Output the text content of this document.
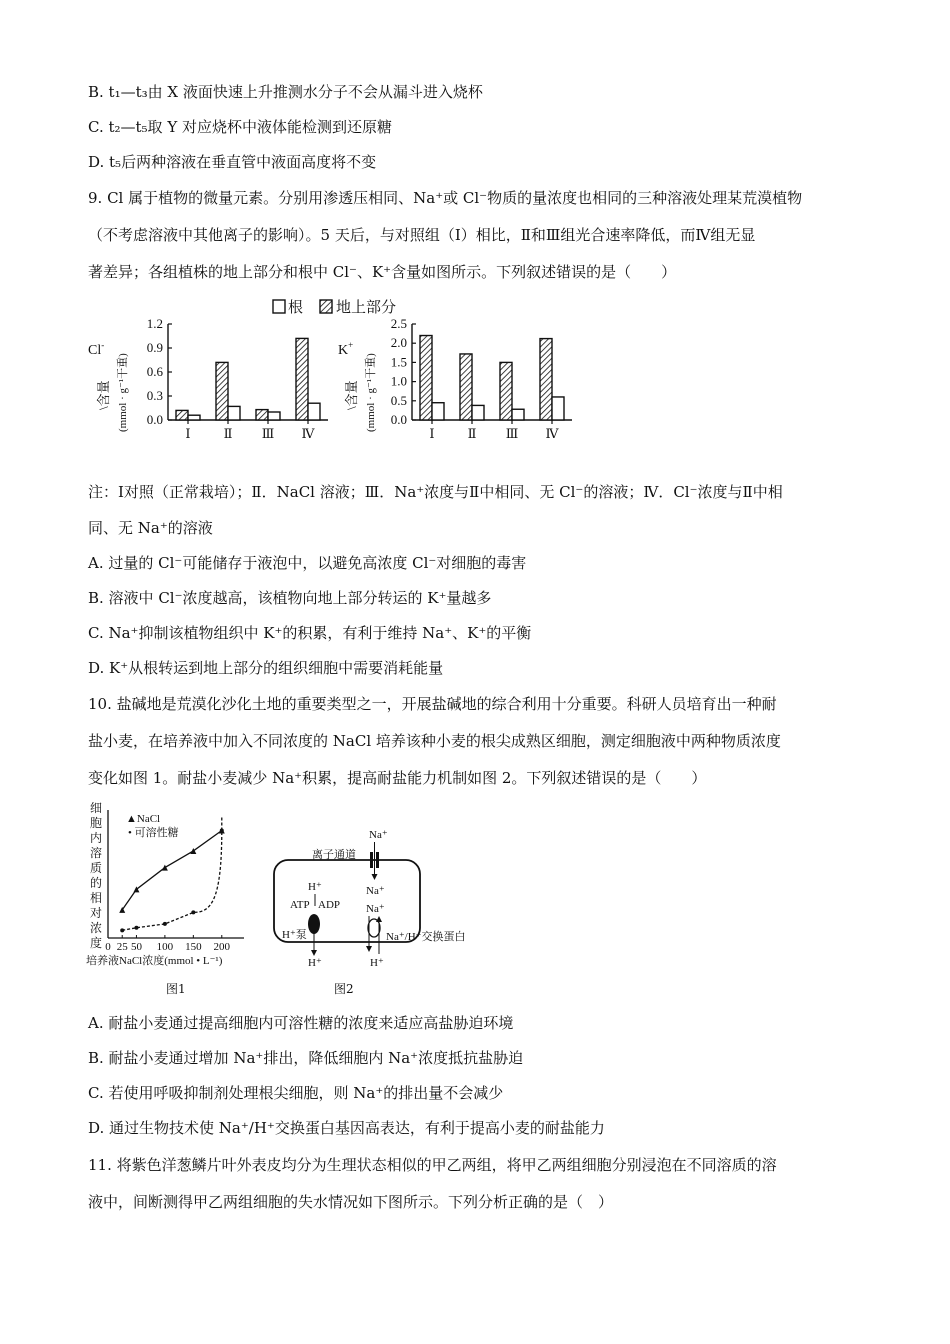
B. t₁—t₃由 X 液面快速上升推测水分子不会从漏斗进入烧杯
C. t₂—t₅取 Y 对应烧杯中液体能检测到还原糖
D. t₅后两种溶液在垂直管中液面高度将不变
9. Cl 属于植物的微量元素。分别用渗透压相同、Na⁺或 Cl⁻物质的量浓度也相同的三种溶液处理某荒漠植物
（不考虑溶液中其他离子的影响）。5 天后，与对照组（Ⅰ）相比，Ⅱ和Ⅲ组光合速率降低，而Ⅳ组无显
著差异；各组植株的地上部分和根中 Cl⁻、K⁺含量如图所示。下列叙述错误的是（　　）
根 地上部分
Cl-
\含量 (mmol · g⁻¹干重)
K+
\含量 (mmol · g⁻¹干重)
0.0
0.3
0.6
0.9
1.2
Ⅰ	Ⅱ Ⅲ Ⅳ
0.0
0.5
1.0
1.5
2.0
2.5
Ⅰ	Ⅱ Ⅲ Ⅳ
注：Ⅰ对照（正常栽培）；Ⅱ．NaCl 溶液；Ⅲ．Na⁺浓度与Ⅱ中相同、无 Cl⁻的溶液；Ⅳ．Cl⁻浓度与Ⅱ中相
同、无 Na⁺的溶液
A. 过量的 Cl⁻可能储存于液泡中，以避免高浓度 Cl⁻对细胞的毒害
B. 溶液中 Cl⁻浓度越高，该植物向地上部分转运的 K⁺量越多
C. Na⁺抑制该植物组织中 K⁺的积累，有利于维持 Na⁺、K⁺的平衡
D. K⁺从根转运到地上部分的组织细胞中需要消耗能量
10. 盐碱地是荒漠化沙化土地的重要类型之一，开展盐碱地的综合利用十分重要。科研人员培育出一种耐
盐小麦，在培养液中加入不同浓度的 NaCl 培养该种小麦的根尖成熟区细胞，测定细胞液中两种物质浓度
变化如图 1。耐盐小麦减少 Na⁺积累，提高耐盐能力机制如图 2。下列叙述错误的是（　　）
细
胞
内
溶
质
的
相
对
浓
度 0 25 50 100 150 200
▲NaCl
• 可溶性糖
培养液NaCl浓度(mmol • L⁻¹)
图1
Na⁺
离子通道
Na⁺
H⁺
ATP ADP
H⁺泵
H⁺
Na⁺
Na⁺/H⁺交换蛋白
H⁺
图2
A. 耐盐小麦通过提高细胞内可溶性糖的浓度来适应高盐胁迫环境
B. 耐盐小麦通过增加 Na⁺排出，降低细胞内 Na⁺浓度抵抗盐胁迫
C. 若使用呼吸抑制剂处理根尖细胞，则 Na⁺的排出量不会减少
D. 通过生物技术使 Na⁺/H⁺交换蛋白基因高表达，有利于提高小麦的耐盐能力
11. 将紫色洋葱鳞片叶外表皮均分为生理状态相似的甲乙两组，将甲乙两组细胞分别浸泡在不同溶质的溶
液中，间断测得甲乙两组细胞的失水情况如下图所示。下列分析正确的是（　）
